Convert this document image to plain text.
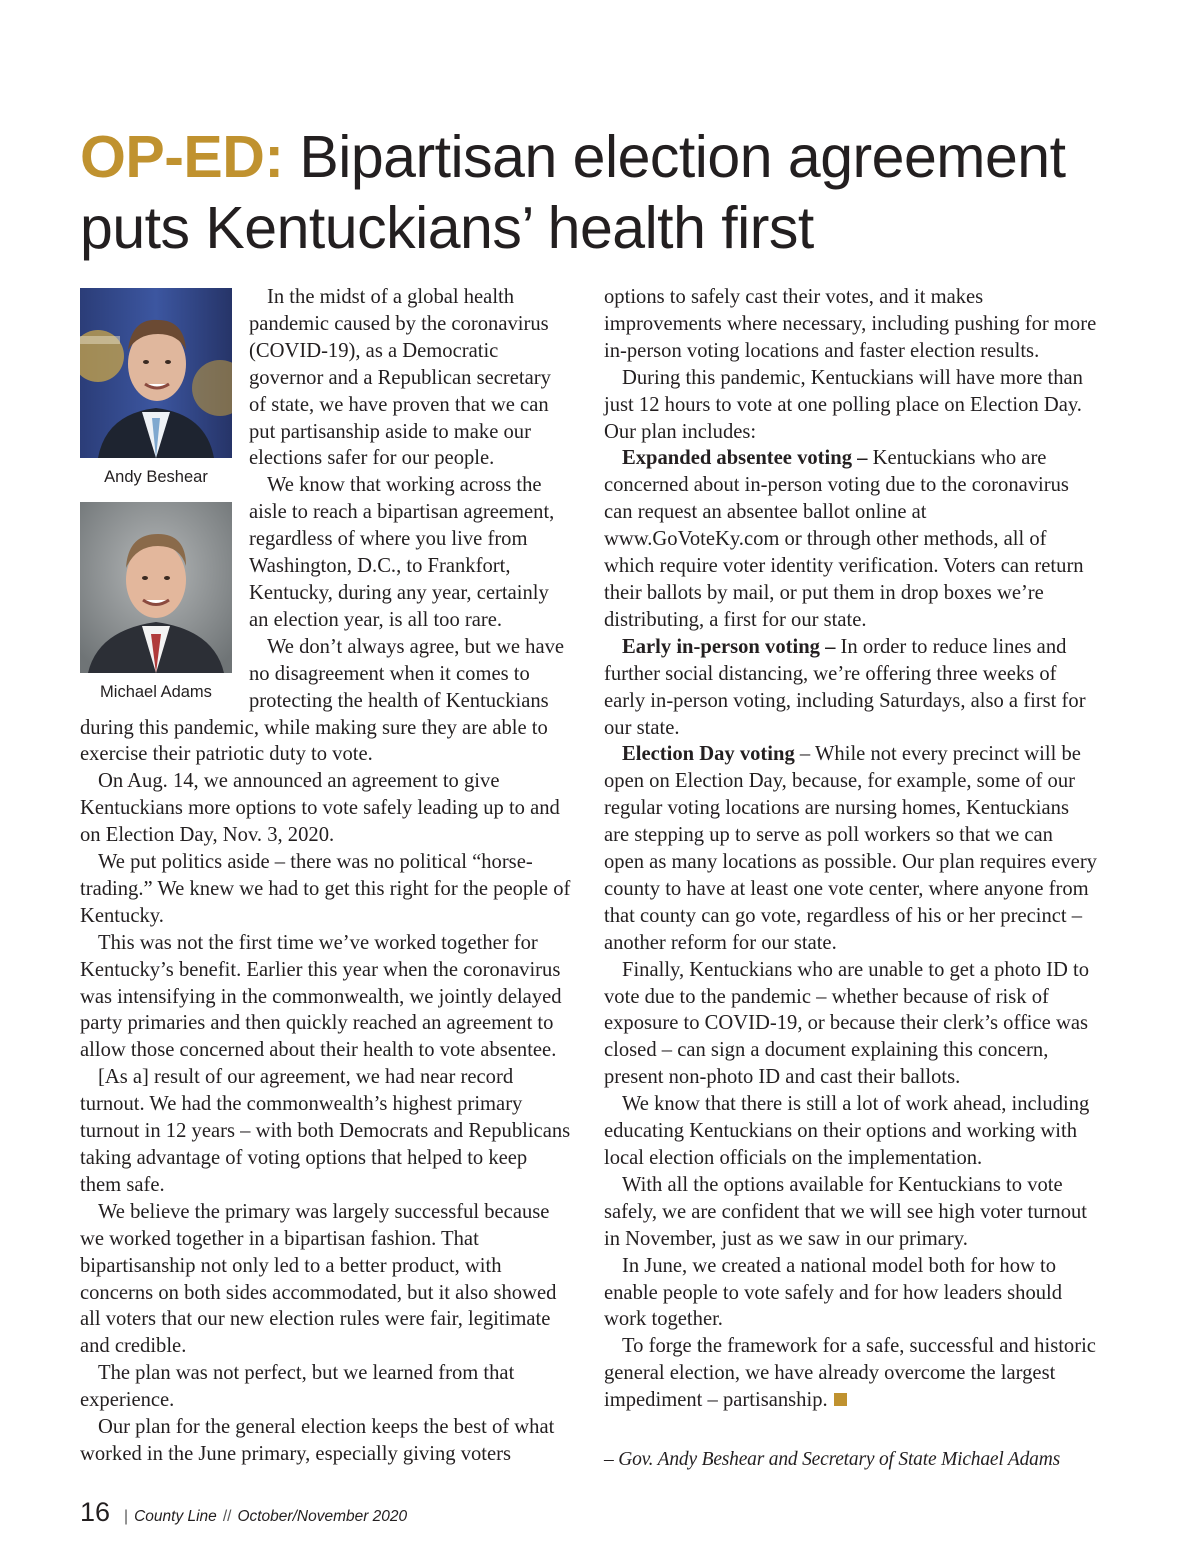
OP-ED: Bipartisan election agreement puts Kentuckians’ health first
Andy Beshear
Michael Adams

In the midst of a global health pandemic caused by the coronavirus (COVID-19), as a Democratic governor and a Republican secretary of state, we have proven that we can put partisanship aside to make our elections safer for our people.

We know that working across the aisle to reach a bipartisan agreement, regardless of where you live from Washington, D.C., to Frankfort, Kentucky, during any year, certainly an election year, is all too rare.

We don’t always agree, but we have no disagreement when it comes to protecting the health of Kentuckians during this pandemic, while making sure they are able to exercise their patriotic duty to vote.

On Aug. 14, we announced an agreement to give Kentuckians more options to vote safely leading up to and on Election Day, Nov. 3, 2020.

We put politics aside – there was no political “horse-trading.” We knew we had to get this right for the people of Kentucky.

This was not the first time we’ve worked together for Kentucky’s benefit. Earlier this year when the coronavirus was intensifying in the commonwealth, we jointly delayed party primaries and then quickly reached an agreement to allow those concerned about their health to vote absentee.

[As a] result of our agreement, we had near record turnout. We had the commonwealth’s highest primary turnout in 12 years – with both Democrats and Republicans taking advantage of voting options that helped to keep them safe.

We believe the primary was largely successful because we worked together in a bipartisan fashion. That bipartisanship not only led to a better product, with concerns on both sides accommodated, but it also showed all voters that our new election rules were fair, legitimate and credible.

The plan was not perfect, but we learned from that experience.

Our plan for the general election keeps the best of what worked in the June primary, especially giving voters

options to safely cast their votes, and it makes improvements where necessary, including pushing for more in-person voting locations and faster election results.

During this pandemic, Kentuckians will have more than just 12 hours to vote at one polling place on Election Day. Our plan includes:

Expanded absentee voting – Kentuckians who are concerned about in-person voting due to the coronavirus can request an absentee ballot online at www.GoVoteKy.com or through other methods, all of which require voter identity verification. Voters can return their ballots by mail, or put them in drop boxes we’re distributing, a first for our state.

Early in-person voting – In order to reduce lines and further social distancing, we’re offering three weeks of early in-person voting, including Saturdays, also a first for our state.

Election Day voting – While not every precinct will be open on Election Day, because, for example, some of our regular voting locations are nursing homes, Kentuckians are stepping up to serve as poll workers so that we can open as many locations as possible. Our plan requires every county to have at least one vote center, where anyone from that county can go vote, regardless of his or her precinct – another reform for our state.

Finally, Kentuckians who are unable to get a photo ID to vote due to the pandemic – whether because of risk of exposure to COVID-19, or because their clerk’s office was closed – can sign a document explaining this concern, present non-photo ID and cast their ballots.

We know that there is still a lot of work ahead, including educating Kentuckians on their options and working with local election officials on the implementation.

With all the options available for Kentuckians to vote safely, we are confident that we will see high voter turnout in November, just as we saw in our primary.

In June, we created a national model both for how to enable people to vote safely and for how leaders should work together.

To forge the framework for a safe, successful and historic general election, we have already overcome the largest impediment – partisanship.

– Gov. Andy Beshear and Secretary of State Michael Adams
16 | County Line // October/November 2020
